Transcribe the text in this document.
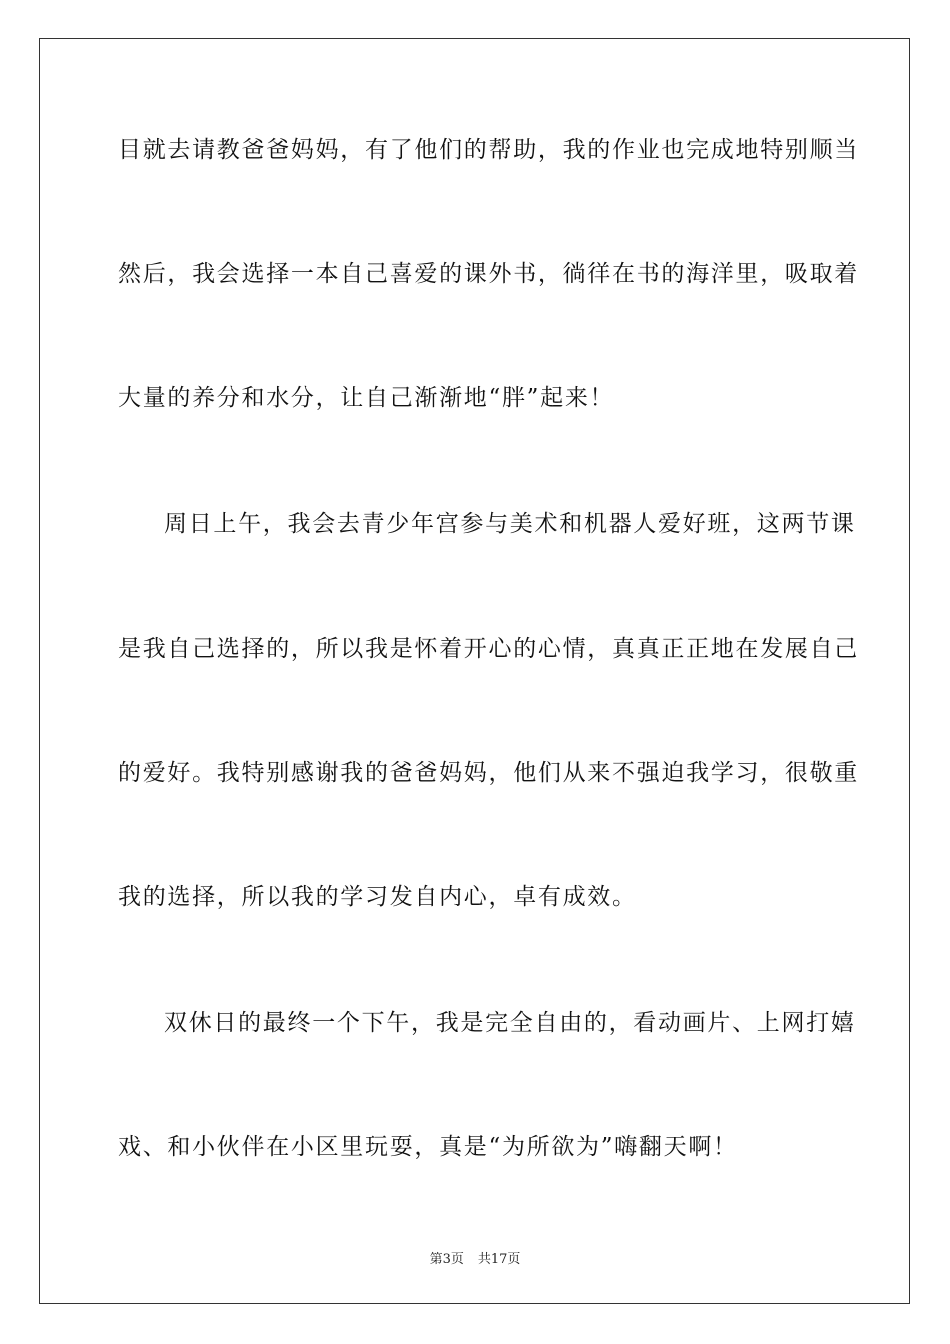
目就去请教爸爸妈妈，有了他们的帮助，我的作业也完成地特别顺当
然后，我会选择一本自己喜爱的课外书，徜徉在书的海洋里，吸取着
大量的养分和水分，让自己渐渐地“胖”起来！
周日上午，我会去青少年宫参与美术和机器人爱好班，这两节课
是我自己选择的，所以我是怀着开心的心情，真真正正地在发展自己
的爱好。我特别感谢我的爸爸妈妈，他们从来不强迫我学习，很敬重
我的选择，所以我的学习发自内心，卓有成效。
双休日的最终一个下午，我是完全自由的，看动画片、上网打嬉
戏、和小伙伴在小区里玩耍，真是“为所欲为”嗨翻天啊！
第3页 共17页
